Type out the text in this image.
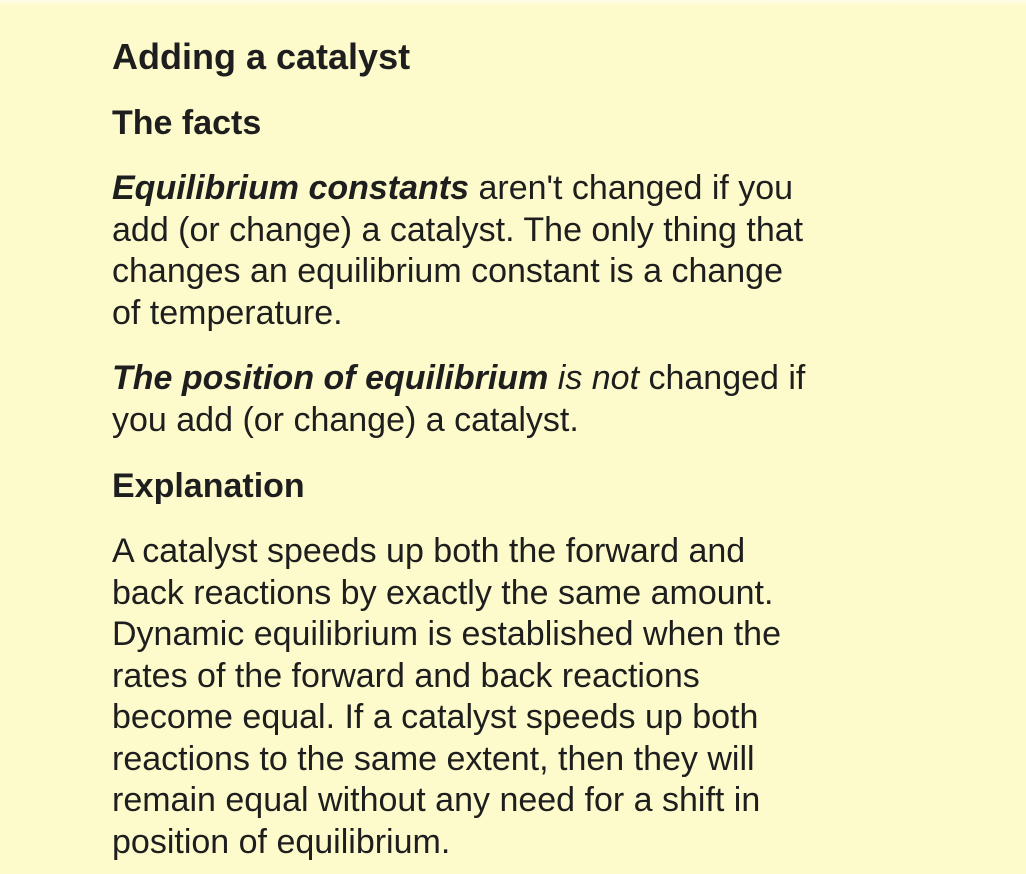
Adding a catalyst
The facts

Equilibrium constants aren't changed if you add (or change) a catalyst. The only thing that changes an equilibrium constant is a change of temperature.

The position of equilibrium is not changed if you add (or change) a catalyst.

Explanation

A catalyst speeds up both the forward and back reactions by exactly the same amount. Dynamic equilibrium is established when the rates of the forward and back reactions become equal. If a catalyst speeds up both reactions to the same extent, then they will remain equal without any need for a shift in position of equilibrium.
